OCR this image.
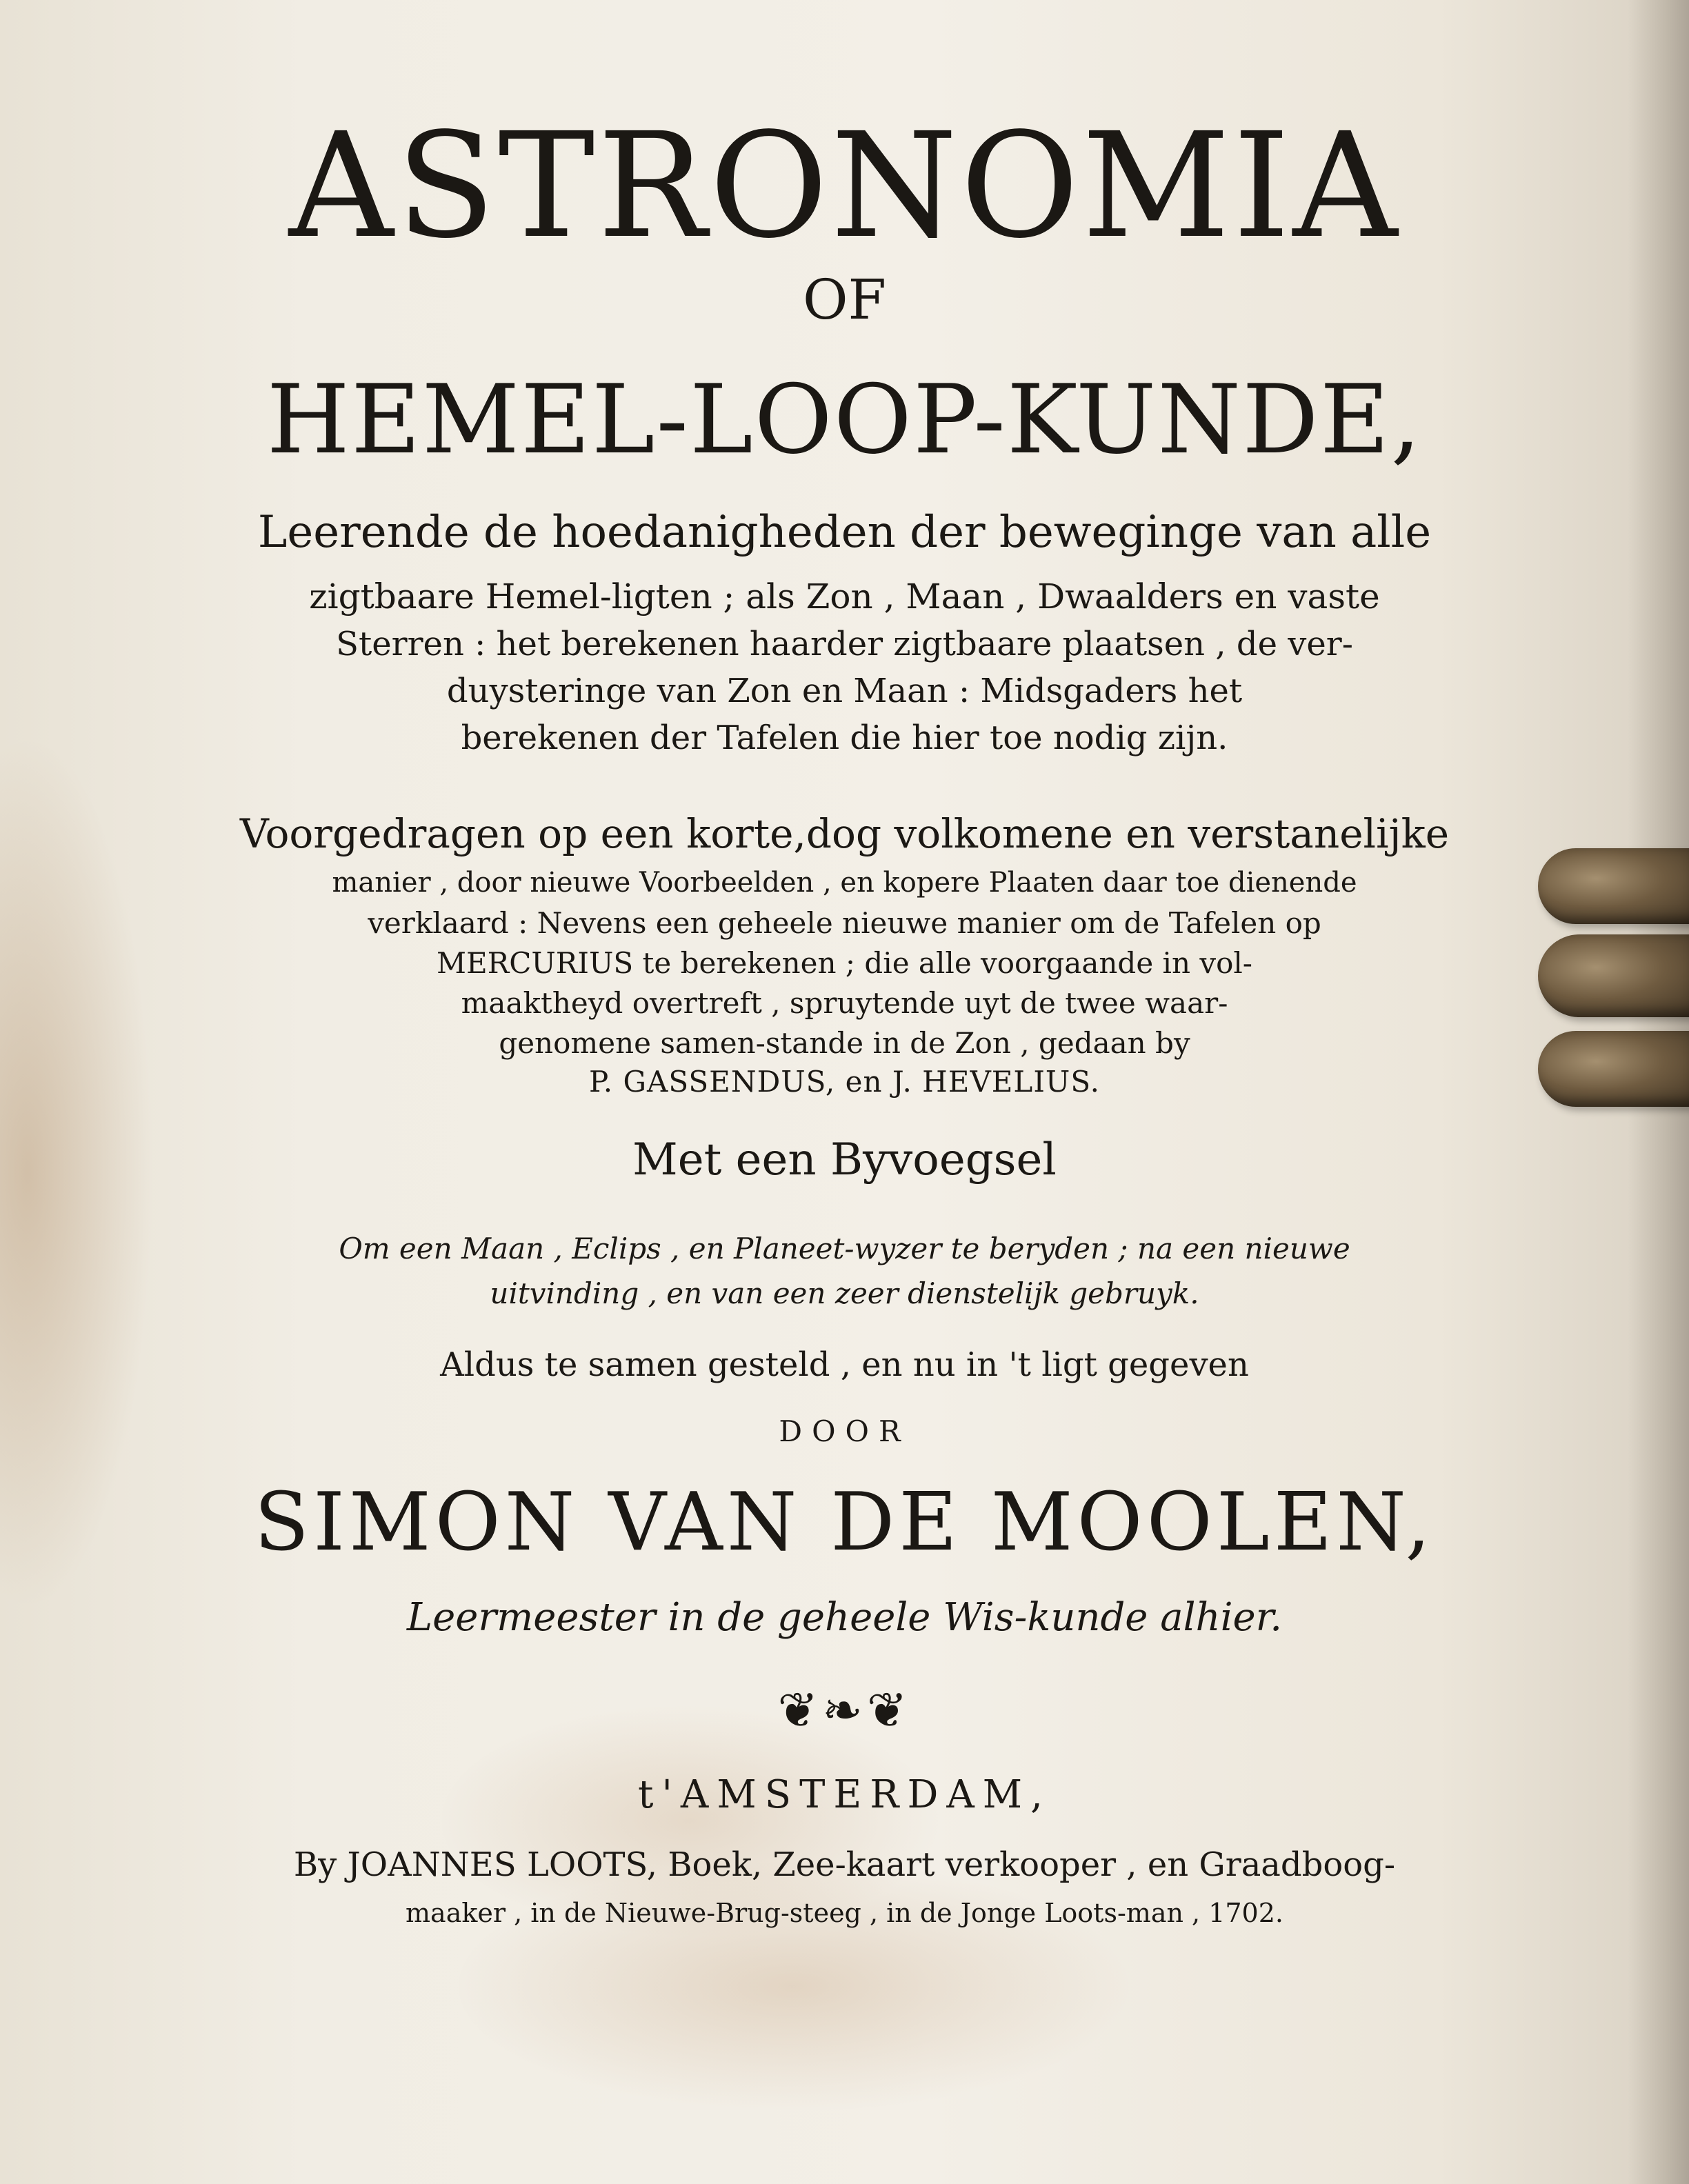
ASTRONOMIA
OF
HEMEL-LOOP-KUNDE,
Leerende de hoedanigheden der beweginge van alle
zigtbaare Hemel-ligten ; als Zon , Maan , Dwaalders en vaste
Sterren : het berekenen haarder zigtbaare plaatsen , de ver-
duysteringe van Zon en Maan : Midsgaders het
berekenen der Tafelen die hier toe nodig zijn.
Voorgedragen op een korte,dog volkomene en verstanelijke
manier , door nieuwe Voorbeelden , en kopere Plaaten daar toe dienende
verklaard : Nevens een geheele nieuwe manier om de Tafelen op
MERCURIUS te berekenen ; die alle voorgaande in vol-
maaktheyd overtreft , spruytende uyt de twee waar-
genomene samen-stande in de Zon , gedaan by
P. GASSENDUS, en J. HEVELIUS.
Met een Byvoegsel
Om een Maan , Eclips , en Planeet-wyzer te beryden ; na een nieuwe
uitvinding , en van een zeer dienstelijk gebruyk.
Aldus te samen gesteld , en nu in 't ligt gegeven
DOOR
SIMON VAN DE MOOLEN,
Leermeester in de geheele Wis-kunde alhier.
❦❧❦
t'AMSTERDAM,
By JOANNES LOOTS, Boek, Zee-kaart verkooper , en Graadboog-
maaker , in de Nieuwe-Brug-steeg , in de Jonge Loots-man , 1702.
